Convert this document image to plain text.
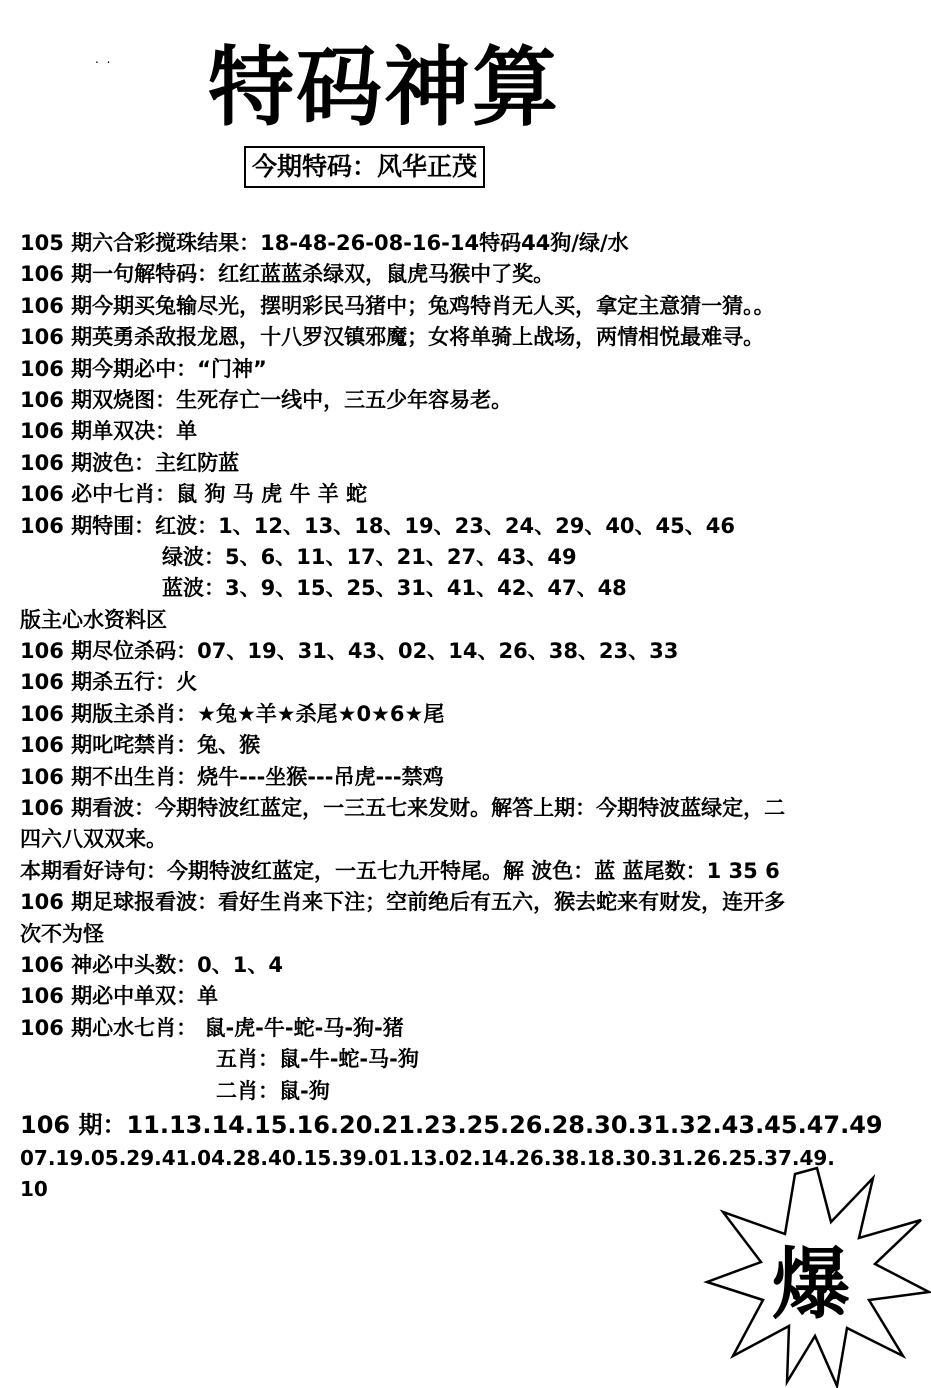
. . 特码神算
今期特码：风华正茂
105 期六合彩搅珠结果：18-48-26-08-16-14特码44狗/绿/水
106 期一句解特码：红红蓝蓝杀绿双，鼠虎马猴中了奖。
106 期今期买兔输尽光，摆明彩民马猪中；兔鸡特肖无人买，拿定主意猜一猜。。
106 期英勇杀敌报龙恩，十八罗汉镇邪魔；女将单骑上战场，两情相悦最难寻。
106 期今期必中：“门神”
106 期双烧图：生死存亡一线中，三五少年容易老。
106 期单双决：单
106 期波色：主红防蓝
106 必中七肖：鼠 狗 马 虎 牛 羊 蛇
106 期特围：红波：1、12、13、18、19、23、24、29、40、45、46
绿波：5、6、11、17、21、27、43、49
蓝波：3、9、15、25、31、41、42、47、48
版主心水资料区
106 期尽位杀码：07、19、31、43、02、14、26、38、23、33
106 期杀五行：火
106 期版主杀肖：★兔★羊★杀尾★0★6★尾
106 期叱咤禁肖：兔、猴
106 期不出生肖：烧牛---坐猴---吊虎---禁鸡
106 期看波：今期特波红蓝定，一三五七来发财。解答上期：今期特波蓝绿定，二
四六八双双来。
本期看好诗句：今期特波红蓝定，一五七九开特尾。解 波色：蓝 蓝尾数：1 35 6
106 期足球报看波：看好生肖来下注；空前绝后有五六，猴去蛇来有财发，连开多
次不为怪
106 神必中头数：0、1、4
106 期必中单双：单
106 期心水七肖： 鼠-虎-牛-蛇-马-狗-猪
五肖：鼠-牛-蛇-马-狗
二肖：鼠-狗
106 期：11.13.14.15.16.20.21.23.25.26.28.30.31.32.43.45.47.49
07.19.05.29.41.04.28.40.15.39.01.13.02.14.26.38.18.30.31.26.25.37.49.
10
爆
